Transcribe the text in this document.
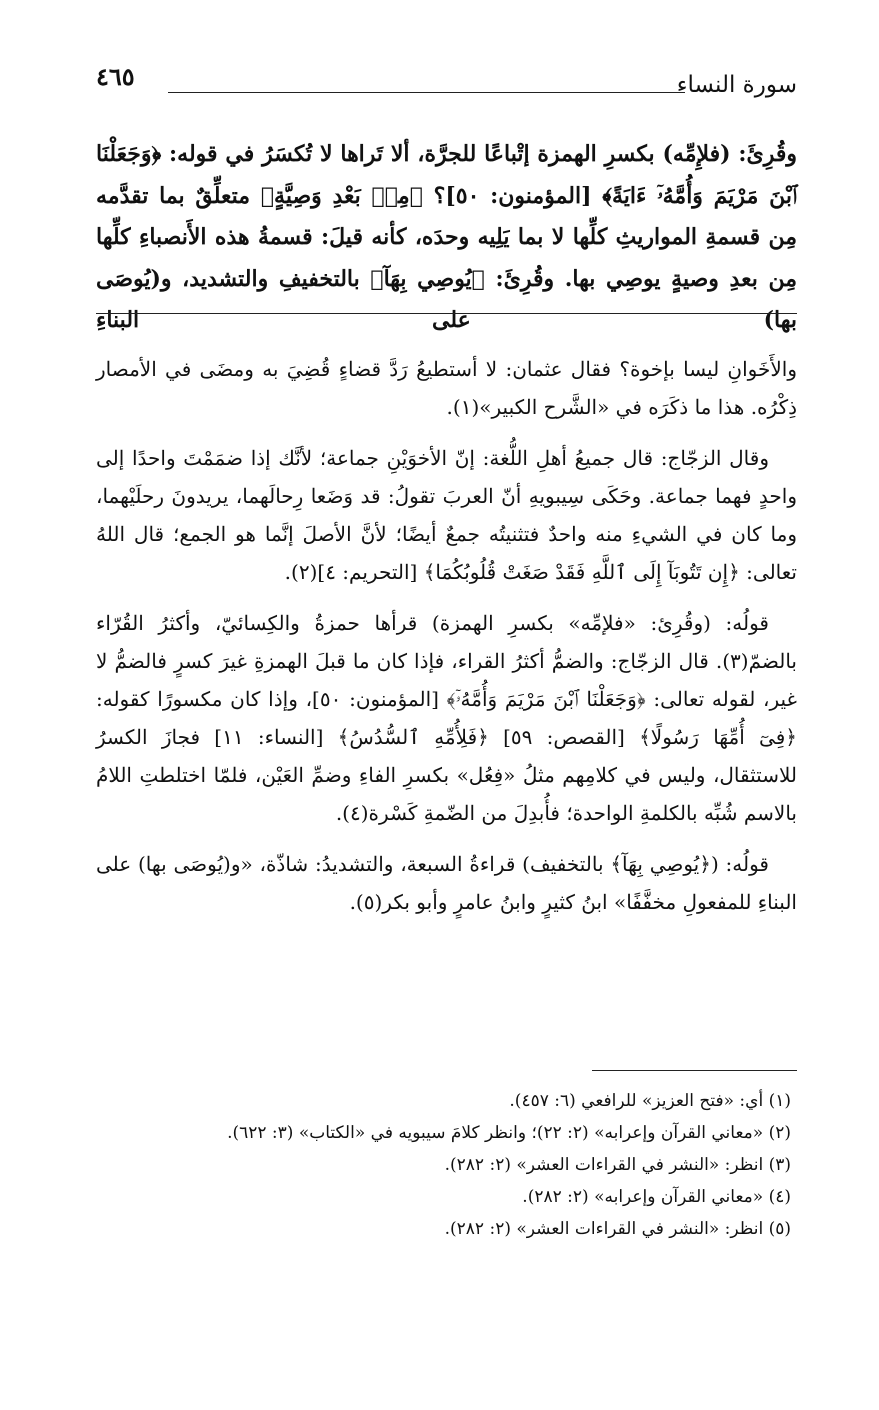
سورة النساء
٤٦٥

وقُرِئَ: (فلإِمِّه) بكسرِ الهمزة إتْباعًا للجرَّة، ألا تَراها لا تُكسَرُ في قوله: ﴿وَجَعَلْنَا ٱبْنَ مَرْيَمَ وَأُمَّهُۥٓ ءَايَةً﴾ [المؤمنون: ٥٠]؟ ﴿مِنۢ بَعْدِ وَصِيَّةٍ﴾ متعلِّقٌ بما تقدَّمه مِن قسمةِ المواريثِ كلِّها لا بما يَلِيه وحدَه، كأنه قيلَ: قسمةُ هذه الأَنصباءِ كلِّها مِن بعدِ وصيةٍ يوصِي بها. وقُرِئَ: ﴿يُوصِي بِهَآ﴾ بالتخفيفِ والتشديد، و(يُوصَى بها) على البناءِ

والأَخَوانِ ليسا بإخوة؟ فقال عثمان: لا أستطيعُ رَدَّ قضاءٍ قُضِيَ به ومضَى في الأمصار ذِكْرُه. هذا ما ذكَرَه في «الشَّرح الكبير»(١).

وقال الزجّاج: قال جميعُ أهلِ اللُّغة: إنّ الأخوَيْنِ جماعة؛ لأنَّك إذا ضمَمْتَ واحدًا إلى واحدٍ فهما جماعة. وحَكَى سِيبويهِ أنّ العربَ تقولُ: قد وَضَعا رِحالَهما، يريدونَ رحلَيْهما، وما كان في الشيءِ منه واحدٌ فتثنيتُه جمعٌ أيضًا؛ لأنَّ الأصلَ إنَّما هو الجمع؛ قال اللهُ تعالى: ﴿إِن تَتُوبَآ إِلَى ٱللَّهِ فَقَدْ صَغَتْ قُلُوبُكُمَا﴾ [التحريم: ٤](٢).

قولُه: (وقُرِئ: «فلإمِّه» بكسرِ الهمزة) قرأها حمزةُ والكِسائيّ، وأكثرُ القُرّاء بالضمّ(٣). قال الزجّاج: والضمُّ أكثرُ القراء، فإذا كان ما قبلَ الهمزةِ غيرَ كسرٍ فالضمُّ لا غير، لقوله تعالى: ﴿وَجَعَلْنَا ٱبْنَ مَرْيَمَ وَأُمَّهُۥٓ﴾ [المؤمنون: ٥٠]، وإذا كان مكسورًا كقوله: ﴿فِىٓ أُمِّهَا رَسُولًا﴾ [القصص: ٥٩] ﴿فَلِأُمِّهِ ٱلسُّدُسُ﴾ [النساء: ١١] فجازَ الكسرُ للاستثقال، وليس في كلامِهم مثلُ «فِعُل» بكسرِ الفاءِ وضمِّ العَيْن، فلمّا اختلطتِ اللامُ بالاسم شُبِّه بالكلمةِ الواحدة؛ فأُبدِلَ من الضّمةِ كَسْرة(٤).

قولُه: (﴿يُوصِي بِهَآ﴾ بالتخفيف) قراءةُ السبعة، والتشديدُ: شاذّة، «و(يُوصَى بها) على البناءِ للمفعولِ مخفَّفًا» ابنُ كثيرٍ وابنُ عامرٍ وأبو بكر(٥).

(١) أي: «فتح العزيز» للرافعي (٦: ٤٥٧).
(٢) «معاني القرآن وإعرابه» (٢: ٢٢)؛ وانظر كلامَ سيبويه في «الكتاب» (٣: ٦٢٢).
(٣) انظر: «النشر في القراءات العشر» (٢: ٢٨٢).
(٤) «معاني القرآن وإعرابه» (٢: ٢٨٢).
(٥) انظر: «النشر في القراءات العشر» (٢: ٢٨٢).
